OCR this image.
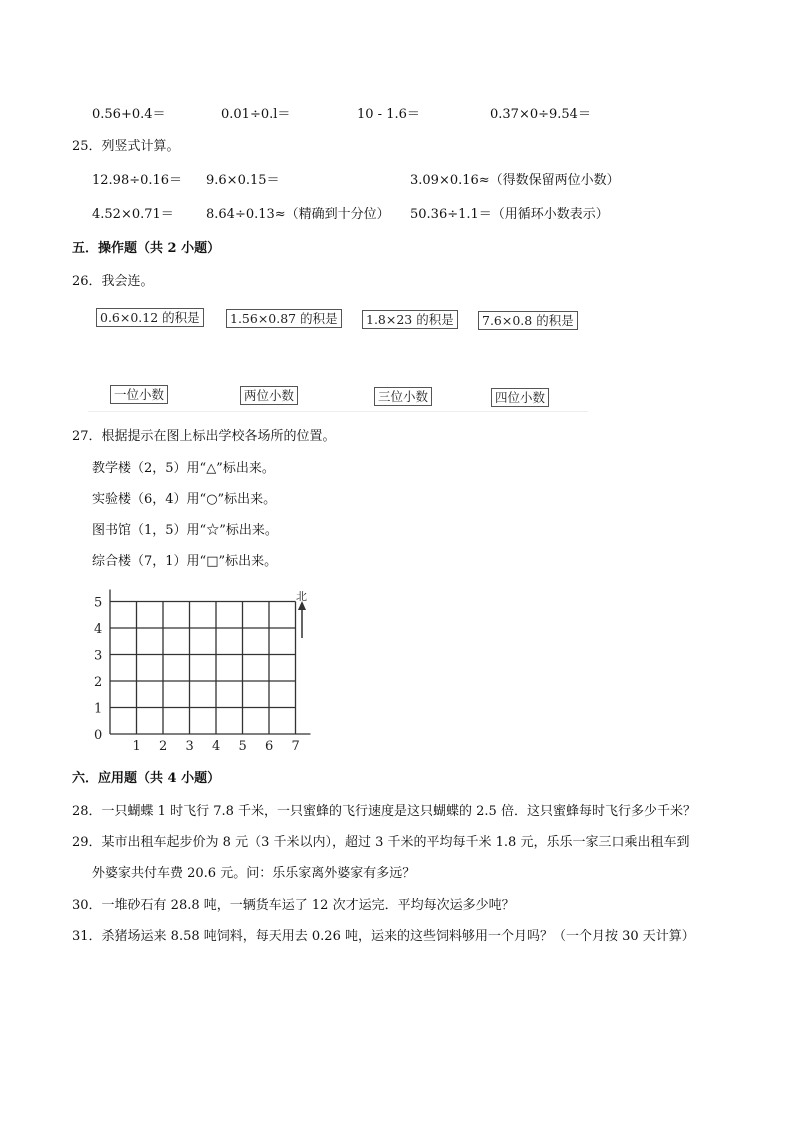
0.56+0.4＝	0.01÷0.l＝	10 - 1.6＝	0.37×0÷9.54＝
25．列竖式计算。
12.98÷0.16＝ 9.6×0.15＝	3.09×0.16≈（得数保留两位小数）
4.52×0.71＝ 8.64÷0.13≈（精确到十分位） 50.36÷1.1＝（用循环小数表示）
五．操作题（共 2 小题）
26．我会连。
0.6×0.12 的积是	1.56×0.87 的积是	1.8×23 的积是	7.6×0.8 的积是
一位小数	两位小数	三位小数	四位小数
27．根据提示在图上标出学校各场所的位置。
教学楼（2，5）用“△”标出来。
实验楼（6，4）用“○”标出来。
图书馆（1，5）用“☆”标出来。
综合楼（7，1）用“□”标出来。
1 2 3 4 5 6 7
0
1
2
3
4
5	北
六．应用题（共 4 小题）
28．一只蝴蝶 1 时飞行 7.8 千米，一只蜜蜂的飞行速度是这只蝴蝶的 2.5 倍．这只蜜蜂每时飞行多少千米？
29．某市出租车起步价为 8 元（3 千米以内），超过 3 千米的平均每千米 1.8 元，乐乐一家三口乘出租车到
外婆家共付车费 20.6 元。问：乐乐家离外婆家有多远？
30．一堆砂石有 28.8 吨，一辆货车运了 12 次才运完．平均每次运多少吨？
31．杀猪场运来 8.58 吨饲料，每天用去 0.26 吨，运来的这些饲料够用一个月吗？（一个月按 30 天计算）
